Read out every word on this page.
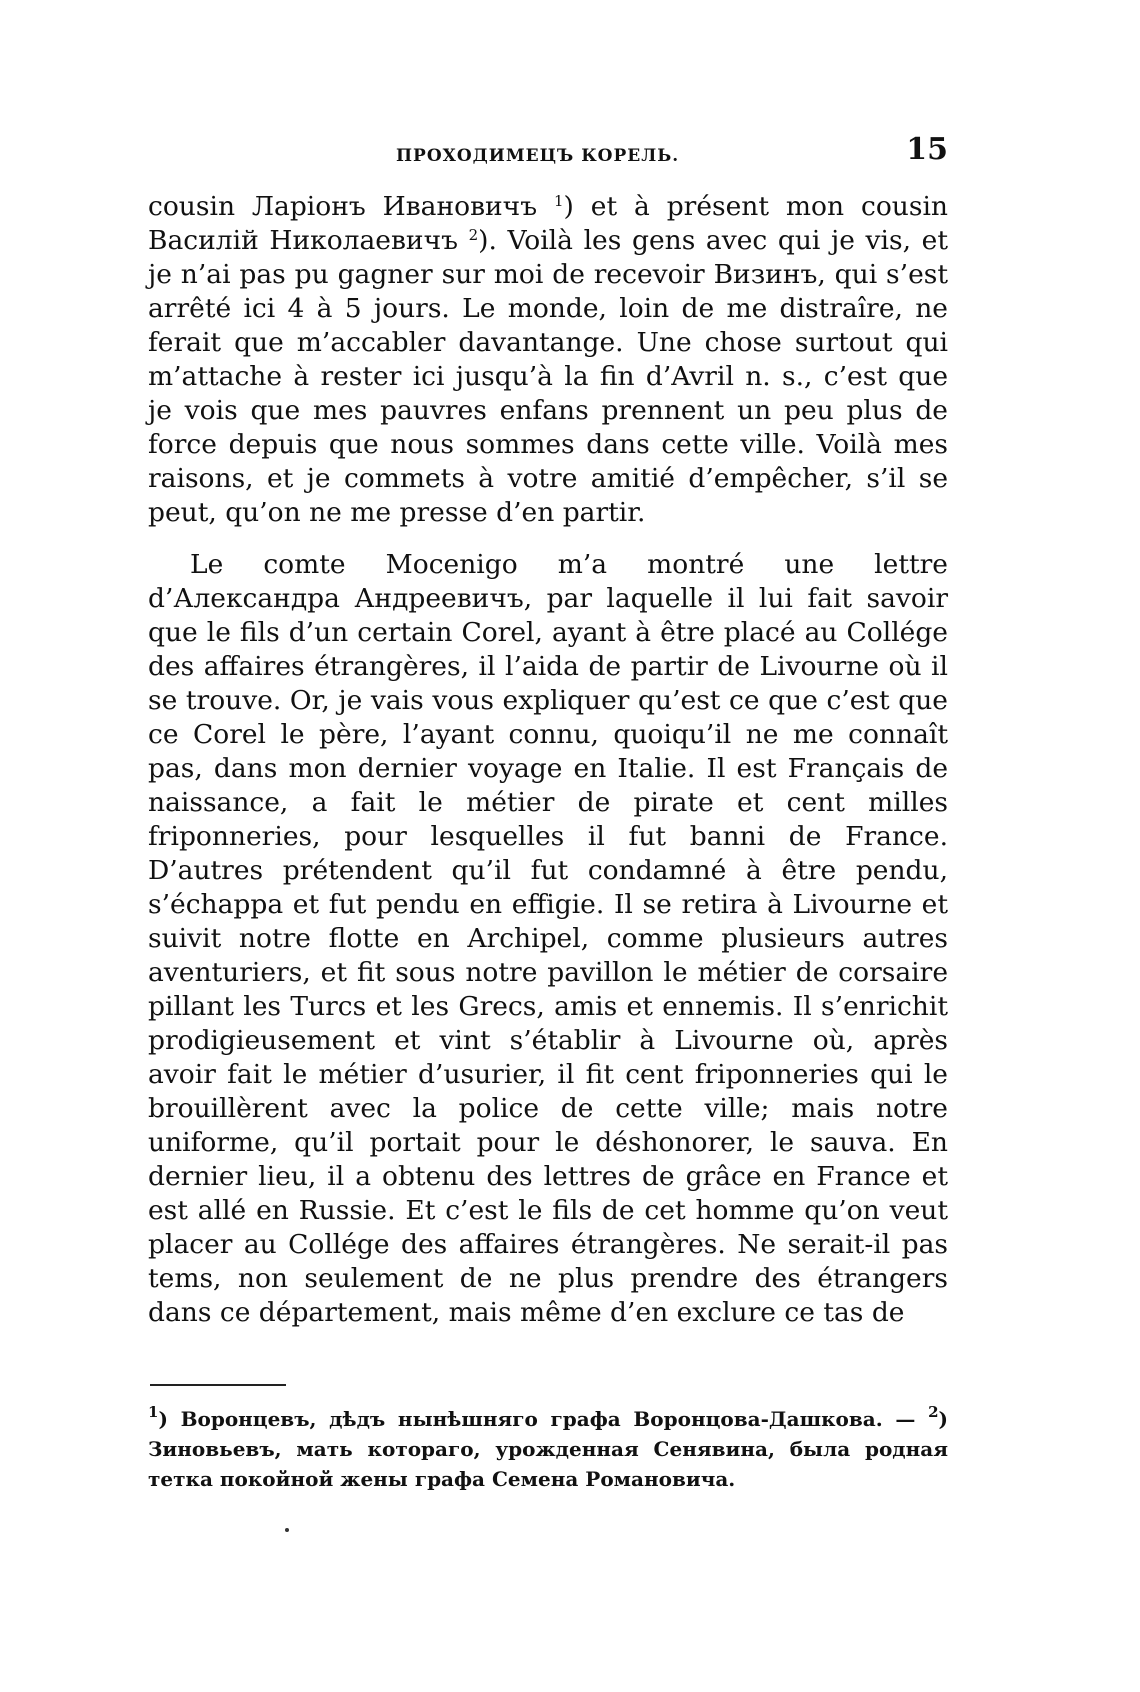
ПРОХОДИМЕЦЪ КОРЕЛЬ.	15

cousin Ларіонъ Ивановичъ $^1$) et à présent mon cousin Василій Николаевичъ $^2$). Voilà les gens avec qui je vis, et je n’ai pas pu gagner sur moi de recevoir Визинъ, qui s’est arrêté ici 4 à 5 jours. Le monde, loin de me distraîre, ne ferait que m’accabler davantange. Une chose surtout qui m’attache à rester ici jusqu’à la fin d’Avril n. s., c’est que je vois que mes pauvres enfans prennent un peu plus de force depuis que nous sommes dans cette ville. Voilà mes raisons, et je commets à votre amitié d’empêcher, s’il se peut, qu’on ne me presse d’en partir.

Le comte Mocenigo m’a montré une lettre d’Александра Андреевичъ, par laquelle il lui fait savoir que le fils d’un certain Corel, ayant à être placé au Collége des affaires étrangères, il l’aida de partir de Livourne où il se trouve. Or, je vais vous expliquer qu’est ce que c’est que ce Corel le père, l’ayant connu, quoiqu’il ne me connaît pas, dans mon dernier voyage en Italie. Il est Français de naissance, a fait le métier de pirate et cent milles friponneries, pour lesquelles il fut banni de France. D’autres prétendent qu’il fut condamné à être pendu, s’échappa et fut pendu en effigie. Il se retira à Livourne et suivit notre flotte en Archipel, comme plusieurs autres aventuriers, et fit sous notre pavillon le métier de corsaire pillant les Turcs et les Grecs, amis et ennemis. Il s’enrichit prodigieusement et vint s’établir à Livourne où, après avoir fait le métier d’usurier, il fit cent friponneries qui le brouillèrent avec la police de cette ville; mais notre uniforme, qu’il portait pour le déshonorer, le sauva. En dernier lieu, il a obtenu des lettres de grâce en France et est allé en Russie. Et c’est le fils de cet homme qu’on veut placer au Collége des affaires étrangères. Ne serait-il pas tems, non seulement de ne plus prendre des étrangers dans ce département, mais même d’en exclure ce tas de

$^1$) Воронцевъ, дѣдъ нынѣшняго графа Воронцова-Дашкова. — $^2$) Зиновьевъ, мать котораго, урожденная Сенявина, была родная тетка покойной жены графа Семена Романовича.
